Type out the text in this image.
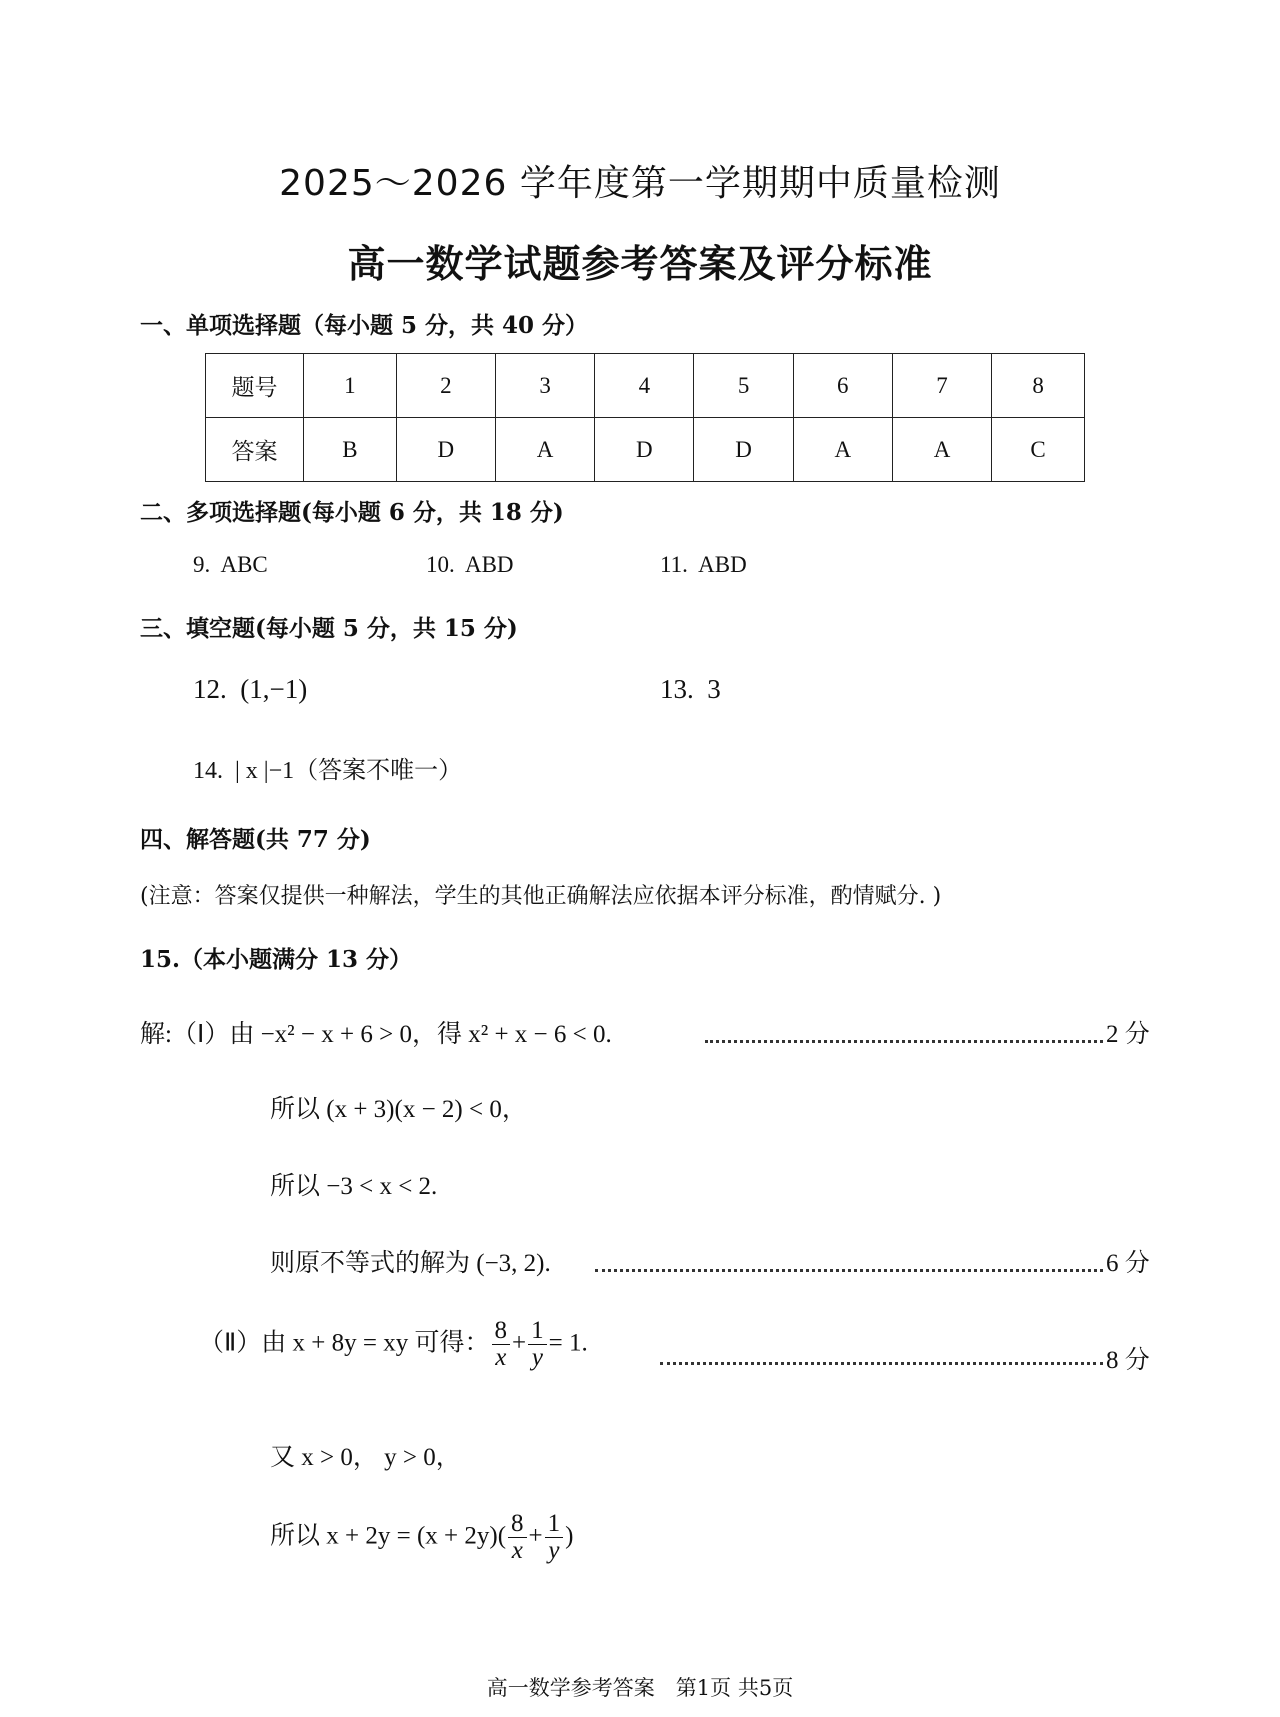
2025～2026 学年度第一学期期中质量检测
高一数学试题参考答案及评分标准
一、单项选择题（每小题 5 分，共 40 分）
题号	1	2	3	4	5	6	7	8
答案	B	D	A	D	D	A	A	C
二、多项选择题(每小题 6 分，共 18 分)
9.  ABC	10.  ABD	11.  ABD
三、填空题(每小题 5 分，共 15 分)
12.  (1,−1)	13.  3
14.  | x |−1（答案不唯一）
四、解答题(共 77 分)
(注意：答案仅提供一种解法，学生的其他正确解法应依据本评分标准，酌情赋分. )
15.（本小题满分 13 分）
解:（Ⅰ）由 −x² − x + 6 > 0，得 x² + x − 6 < 0.	2 分
所以 (x + 3)(x − 2) < 0，
所以 −3 < x < 2.
则原不等式的解为 (−3, 2).	6 分
（Ⅱ）由 x + 8y = xy 可得： $\frac{8}{x} + \frac{1}{y} = 1$.
8 分
又 x > 0， y > 0，
所以 $x + 2y = (x + 2y)( \frac{8}{x} + \frac{1}{y}$ )
高一数学参考答案　第1页 共5页
